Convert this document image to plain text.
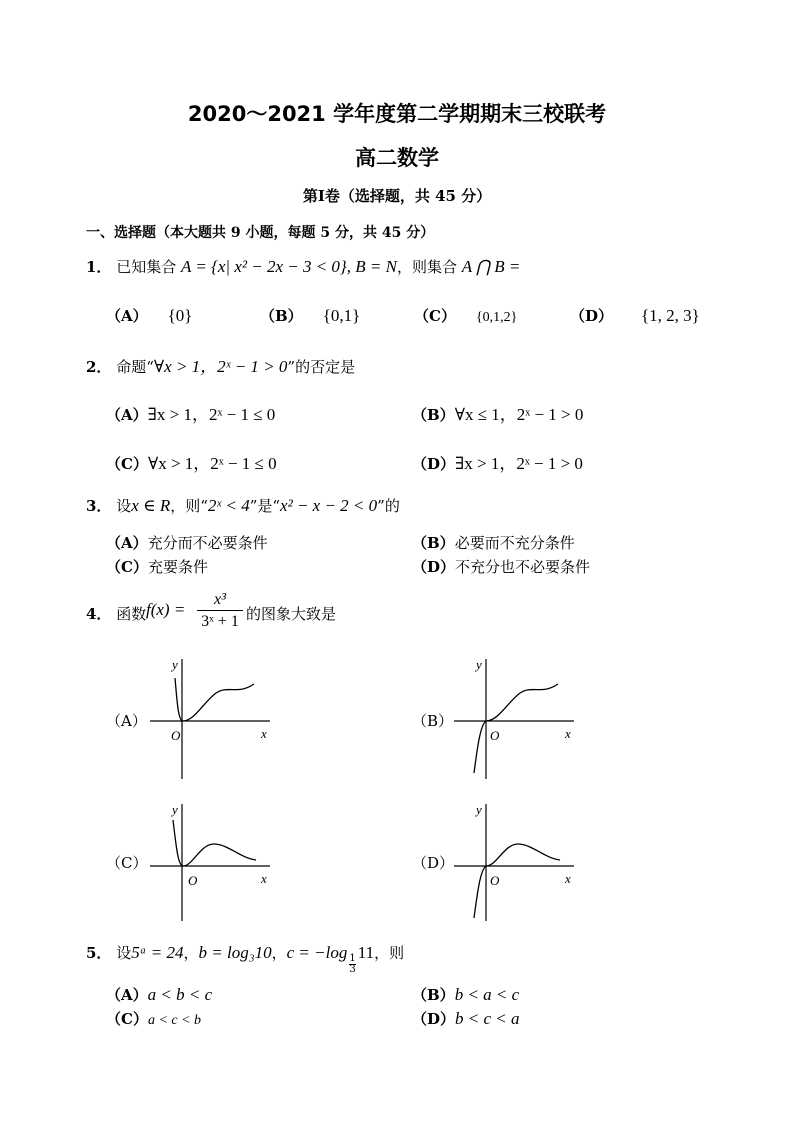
2020～2021 学年度第二学期期末三校联考
高二数学
第Ⅰ卷（选择题，共 45 分）
一、选择题（本大题共 9 小题，每题 5 分，共 45 分）
1． 已知集合 A = {x| x² − 2x − 3 < 0}, B = N，则集合 A ⋂ B =
（A） {0}	（B） {0,1}	（C） {0,1,2}	（D） {1, 2, 3}
2． 命题“∀x > 1，2ˣ − 1 > 0”的否定是
（A）∃x > 1，2ˣ − 1 ≤ 0	（B）∀x ≤ 1，2ˣ − 1 > 0
（C）∀x > 1，2ˣ − 1 ≤ 0	（D）∃x > 1，2ˣ − 1 > 0
3． 设x ∈ R，则“2ˣ < 4”是“x² − x − 2 < 0”的
（A）充分而不必要条件	（B）必要而不充分条件
（C）充要条件	（D）不充分也不必要条件
4． 函数 f(x) =
x³
3ˣ + 1 的图象大致是
（A）	（B）
（C）	（D）
y
x
O
y
x
O
y
x
O
y
x
O
5． 设5ᵃ = 24，b = log₃10，c = −log
$\frac{1}{3}$
11，则
（A）a < b < c	（B）b < a < c
（C）a < c < b	（D）b < c < a
